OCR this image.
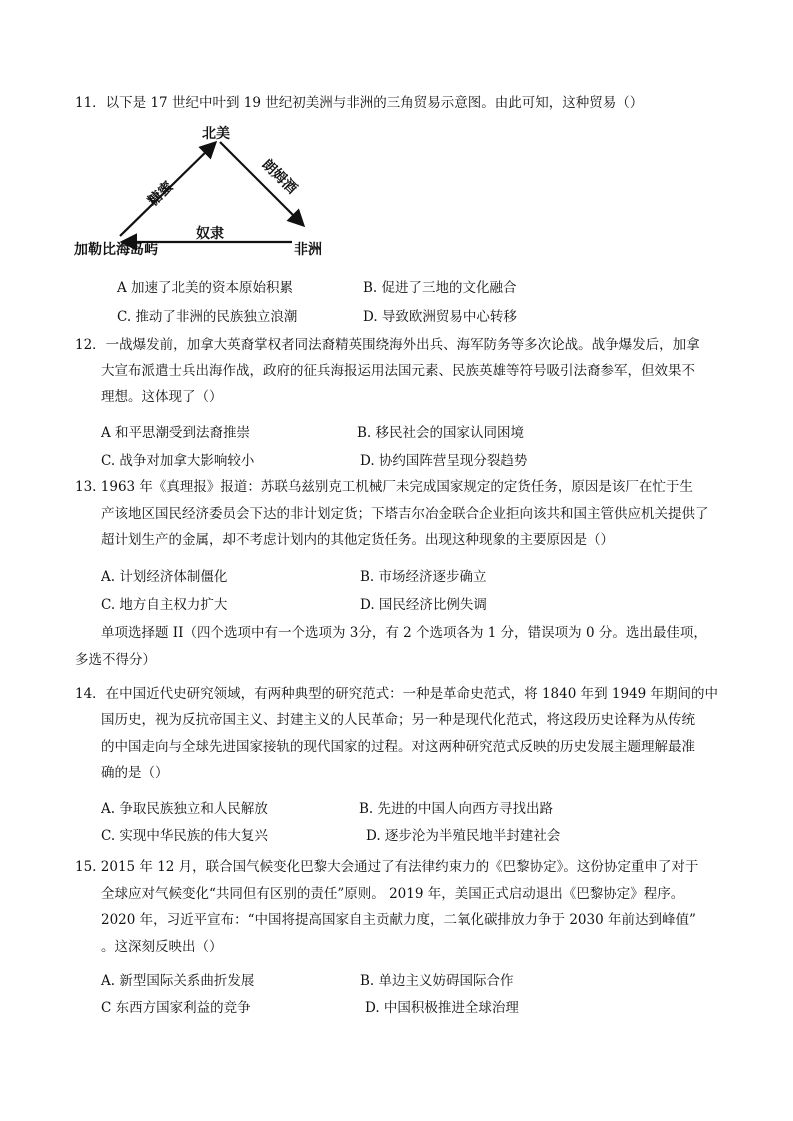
11．以下是 17 世纪中叶到 19 世纪初美洲与非洲的三角贸易示意图。由此可知，这种贸易（）
北美
加勒比海岛屿	非洲
糖蜜	朗姆酒
奴隶
A 加速了北美的资本原始积累	B. 促进了三地的文化融合
C. 推动了非洲的民族独立浪潮	D. 导致欧洲贸易中心转移
12．一战爆发前，加拿大英裔掌权者同法裔精英围绕海外出兵、海军防务等多次论战。战争爆发后，加拿
大宣布派遣士兵出海作战，政府的征兵海报运用法国元素、民族英雄等符号吸引法裔参军，但效果不
理想。这体现了（）
A 和平思潮受到法裔推崇	B. 移民社会的国家认同困境
C. 战争对加拿大影响较小	D. 协约国阵营呈现分裂趋势
13. 1963 年《真理报》报道：苏联乌兹别克工机械厂未完成国家规定的定货任务，原因是该厂在忙于生
产该地区国民经济委员会下达的非计划定货；下塔吉尔冶金联合企业拒向该共和国主管供应机关提供了
超计划生产的金属，却不考虑计划内的其他定货任务。出现这种现象的主要原因是（）
A. 计划经济体制僵化	B. 市场经济逐步确立
C. 地方自主权力扩大	D. 国民经济比例失调
单项选择题 II（四个选项中有一个选项为 3分，有 2 个选项各为 1 分，错误项为 0 分。选出最佳项，
多选不得分）
14．在中国近代史研究领域，有两种典型的研究范式：一种是革命史范式，将 1840 年到 1949 年期间的中
国历史，视为反抗帝国主义、封建主义的人民革命；另一种是现代化范式，将这段历史诠释为从传统
的中国走向与全球先进国家接轨的现代国家的过程。对这两种研究范式反映的历史发展主题理解最准
确的是（）
A. 争取民族独立和人民解放	B. 先进的中国人向西方寻找出路
C. 实现中华民族的伟大复兴	D. 逐步沦为半殖民地半封建社会
15. 2015 年 12 月，联合国气候变化巴黎大会通过了有法律约束力的《巴黎协定》。这份协定重申了对于
全球应对气候变化“共同但有区别的责任”原则。 2019 年，美国正式启动退出《巴黎协定》程序。
2020 年，习近平宣布：“中国将提高国家自主贡献力度，二氧化碳排放力争于 2030 年前达到峰值”
。这深刻反映出（）
A. 新型国际关系曲折发展	B. 单边主义妨碍国际合作
C 东西方国家利益的竞争	D. 中国积极推进全球治理
